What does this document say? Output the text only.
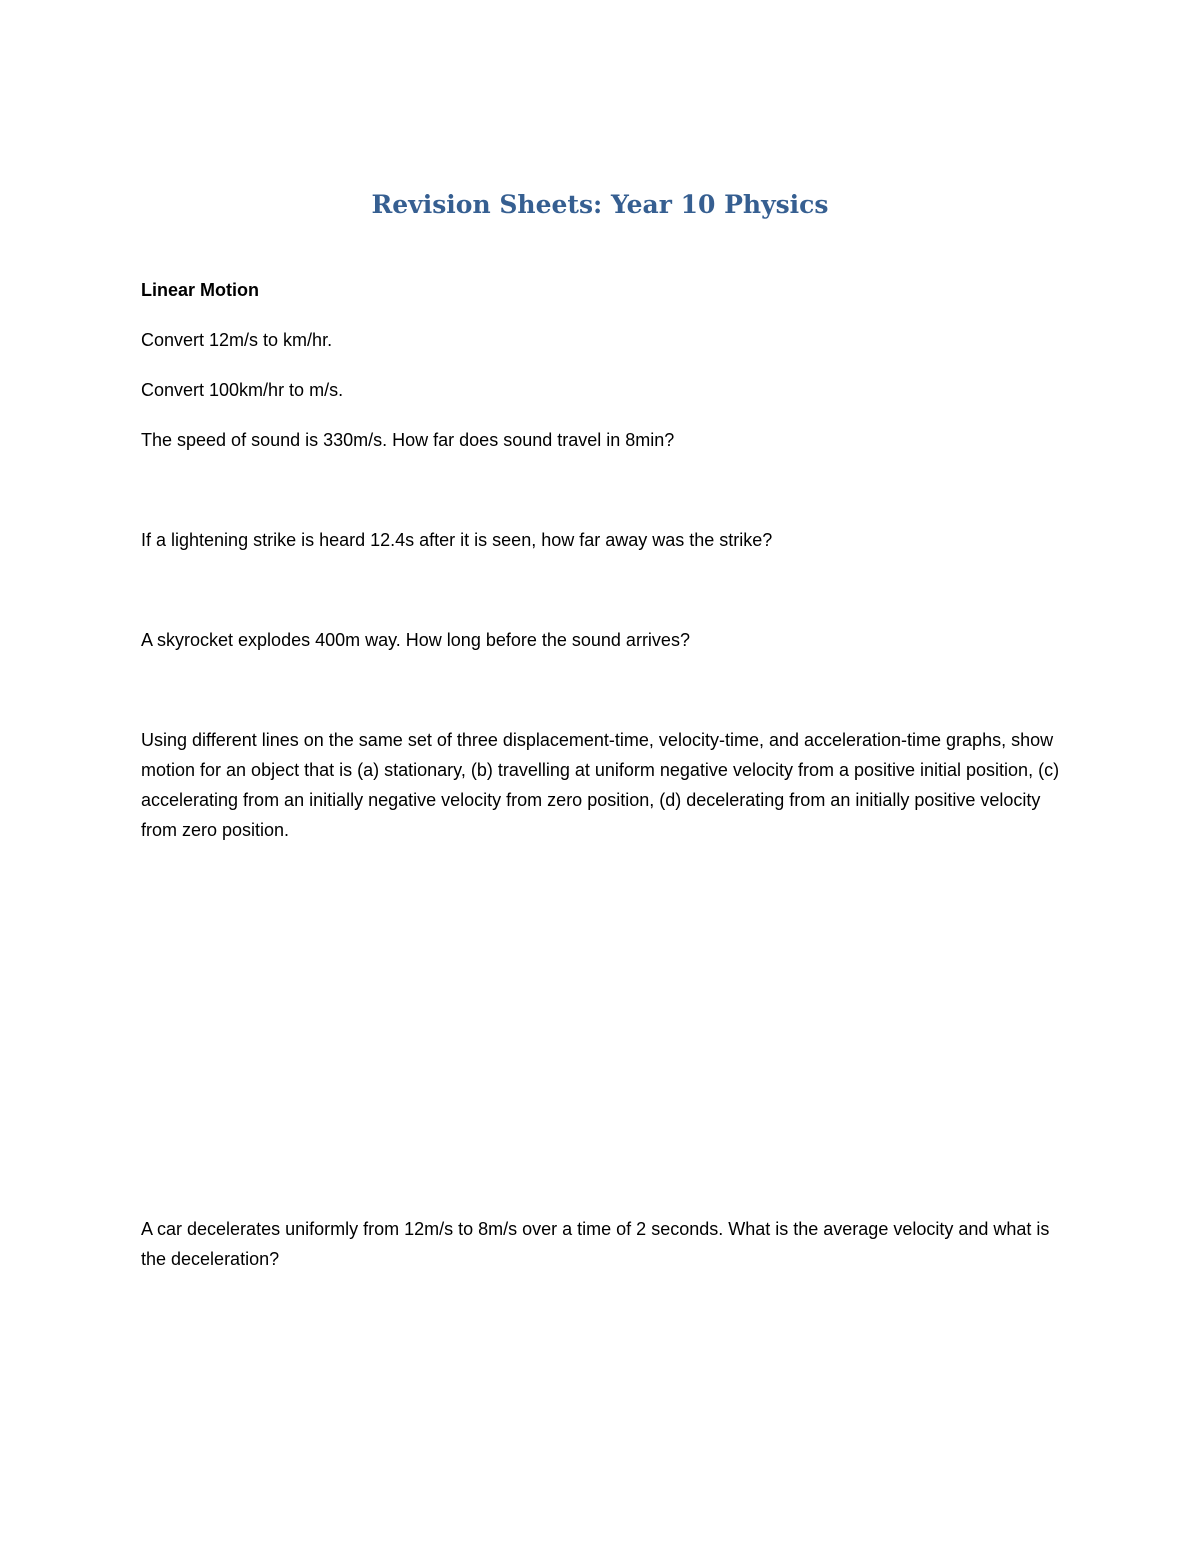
Revision Sheets: Year 10 Physics
Linear Motion

Convert 12m/s to km/hr.

Convert 100km/hr to m/s.

The speed of sound is 330m/s. How far does sound travel in 8min?

If a lightening strike is heard 12.4s after it is seen, how far away was the strike?

A skyrocket explodes 400m way. How long before the sound arrives?

Using different lines on the same set of three displacement-time, velocity-time, and acceleration-time graphs, show motion for an object that is (a) stationary, (b) travelling at uniform negative velocity from a positive initial position, (c) accelerating from an initially negative velocity from zero position, (d) decelerating from an initially positive velocity from zero position.

A car decelerates uniformly from 12m/s to 8m/s over a time of 2 seconds. What is the average velocity and what is the deceleration?
